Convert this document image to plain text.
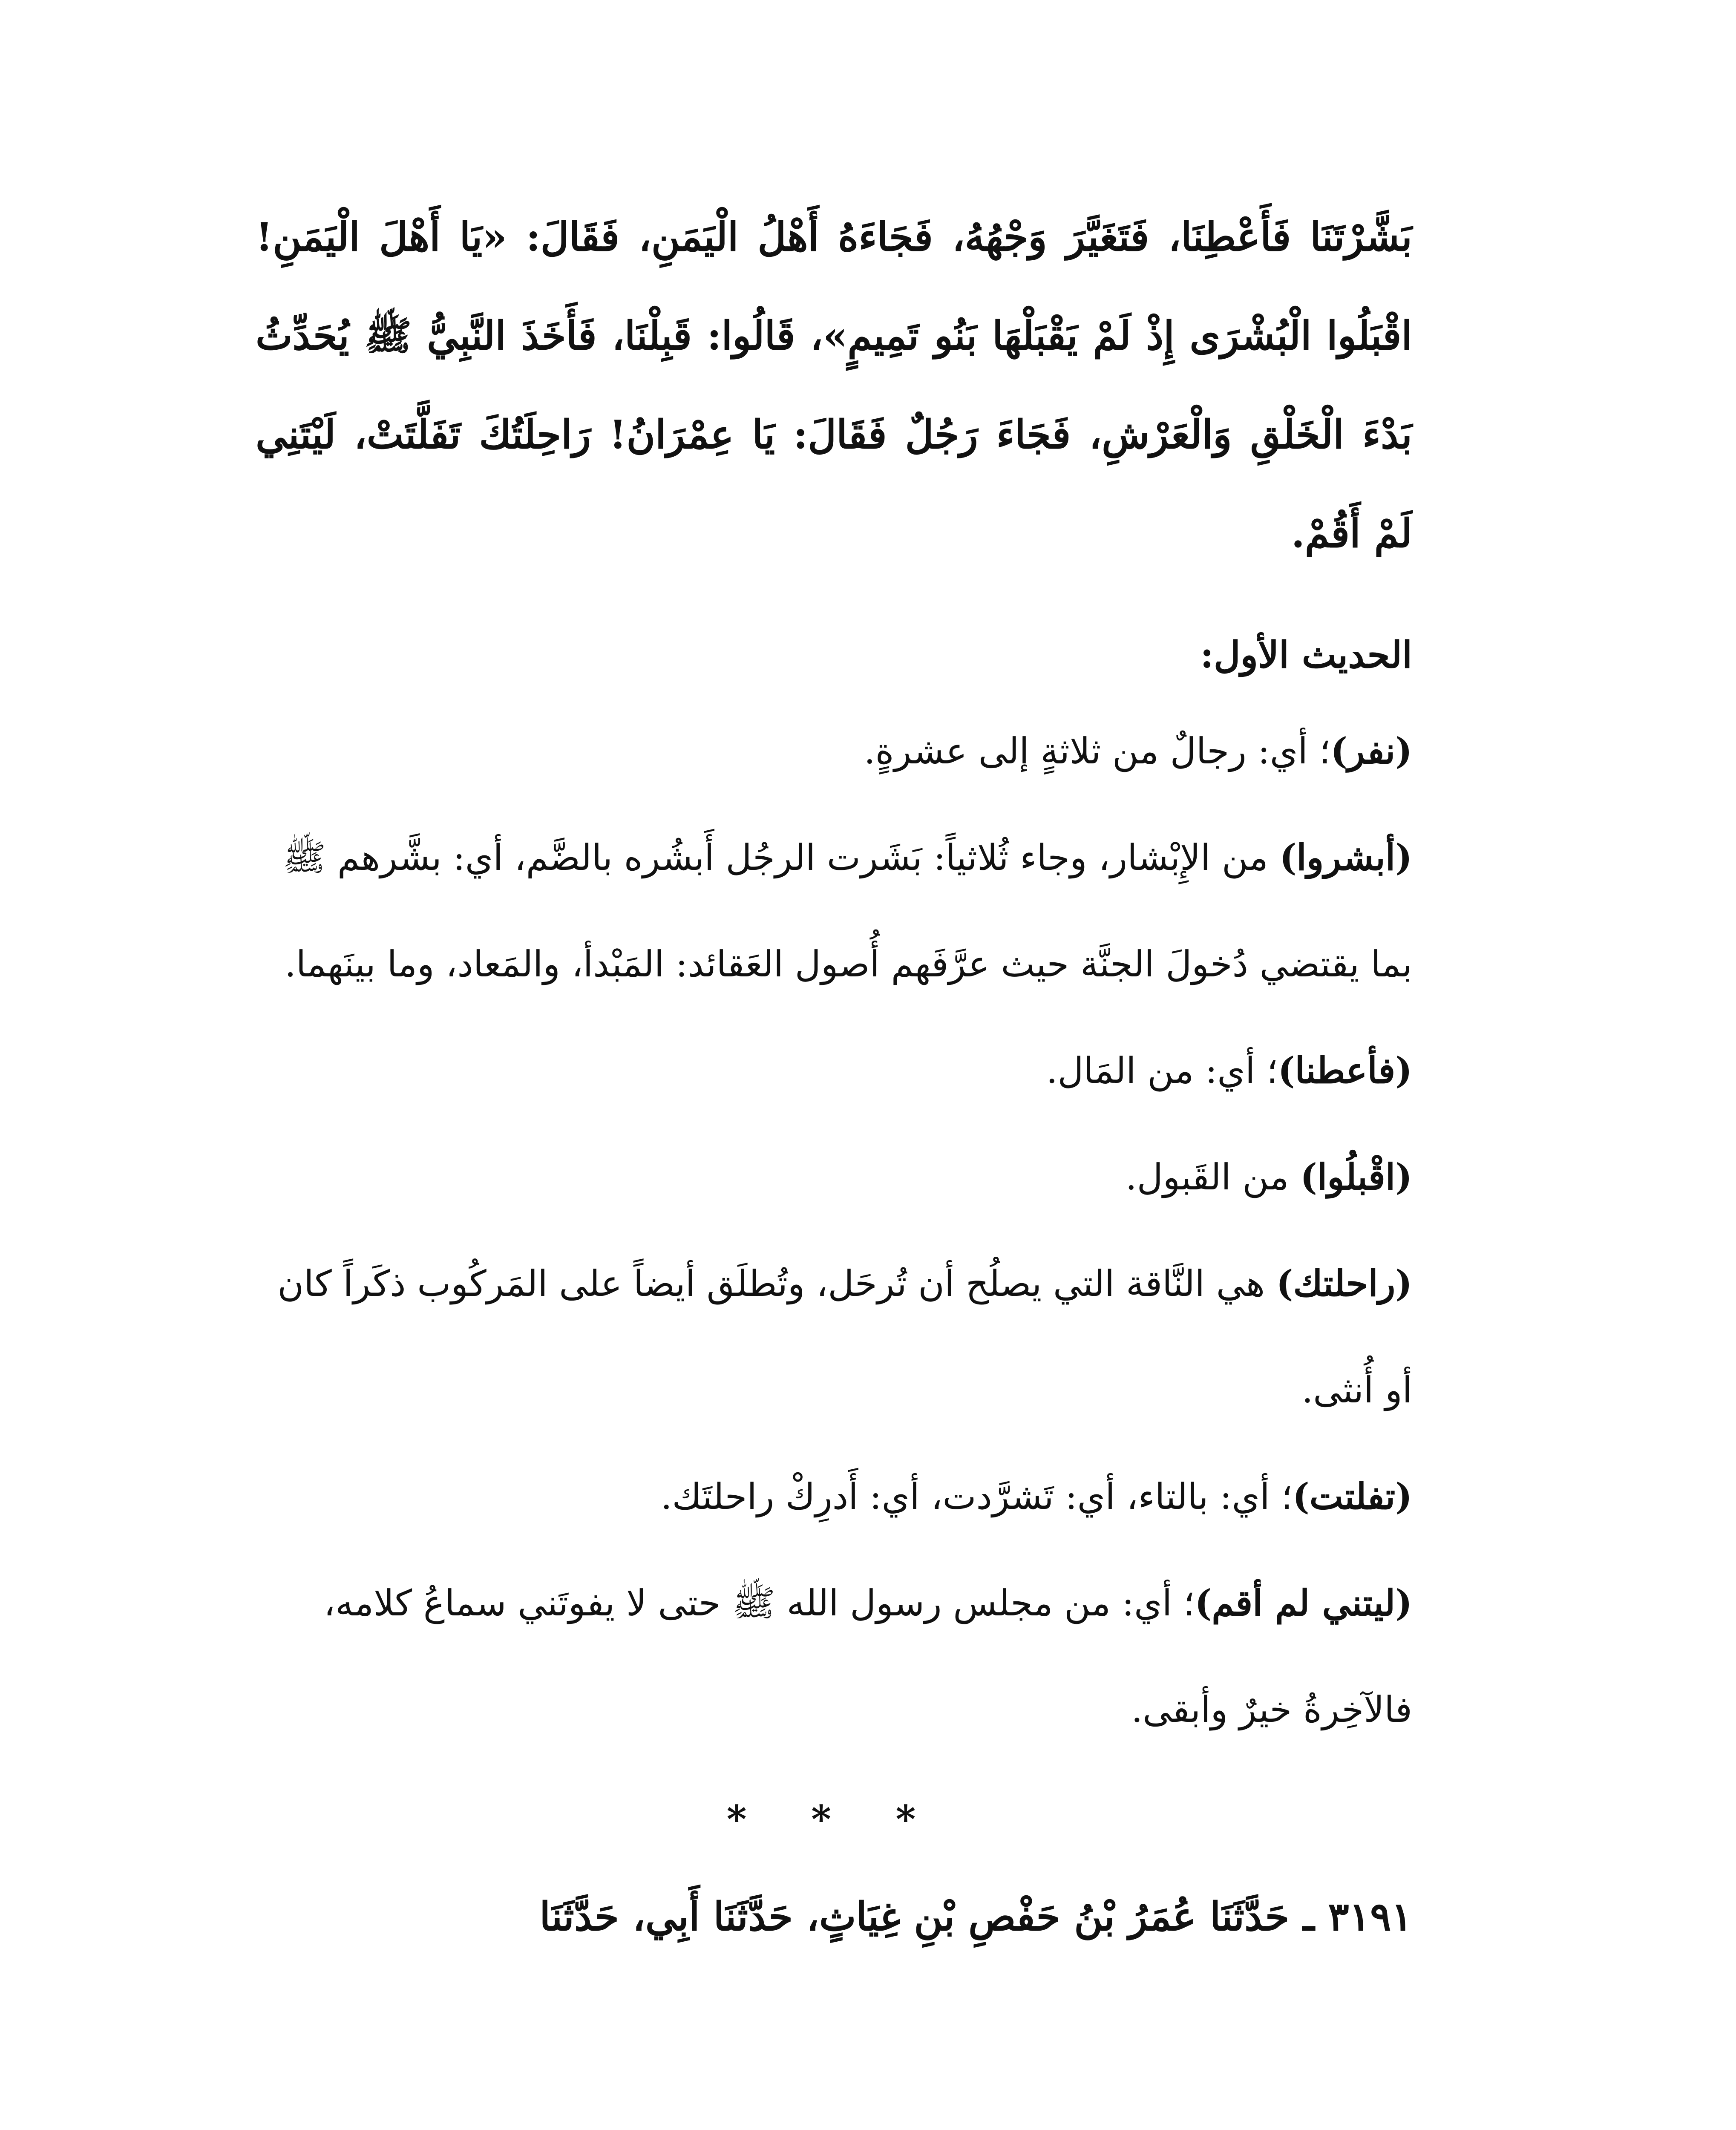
بَشَّرْتَنَا فَأَعْطِنَا، فَتَغَيَّرَ وَجْهُهُ، فَجَاءَهُ أَهْلُ الْيَمَنِ، فَقَالَ: «يَا أَهْلَ الْيَمَنِ! اقْبَلُوا الْبُشْرَى إِذْ لَمْ يَقْبَلْهَا بَنُو تَمِيمٍ»، قَالُوا: قَبِلْنَا، فَأَخَذَ النَّبِيُّ ﷺ يُحَدِّثُ بَدْءَ الْخَلْقِ وَالْعَرْشِ، فَجَاءَ رَجُلٌ فَقَالَ: يَا عِمْرَانُ! رَاحِلَتُكَ تَفَلَّتَتْ، لَيْتَنِي لَمْ أَقُمْ.

الحديث الأول:

(نفر)؛ أي: رجالٌ من ثلاثةٍ إلى عشرةٍ.

(أبشروا) من الإِبْشار، وجاء ثُلاثياً: بَشَرت الرجُل أَبشُره بالضَّم، أي: بشَّرهم ﷺ بما يقتضي دُخولَ الجنَّة حيث عرَّفَهم أُصول العَقائد: المَبْدأ، والمَعاد، وما بينَهما.

(فأعطنا)؛ أي: من المَال.

(اقْبلُوا) من القَبول.

(راحلتك) هي النَّاقة التي يصلُح أن تُرحَل، وتُطلَق أيضاً على المَركُوب ذكَراً كان أو أُنثى.

(تفلتت)؛ أي: بالتاء، أي: تَشرَّدت، أي: أَدرِكْ راحلتَك.

(ليتني لم أقم)؛ أي: من مجلس رسول الله ﷺ حتى لا يفوتَني سماعُ كلامه، فالآخِرةُ خيرٌ وأبقى.

* * *

٣١٩١ ـ حَدَّثَنَا عُمَرُ بْنُ حَفْصِ بْنِ غِيَاثٍ، حَدَّثَنَا أَبِي، حَدَّثَنَا
